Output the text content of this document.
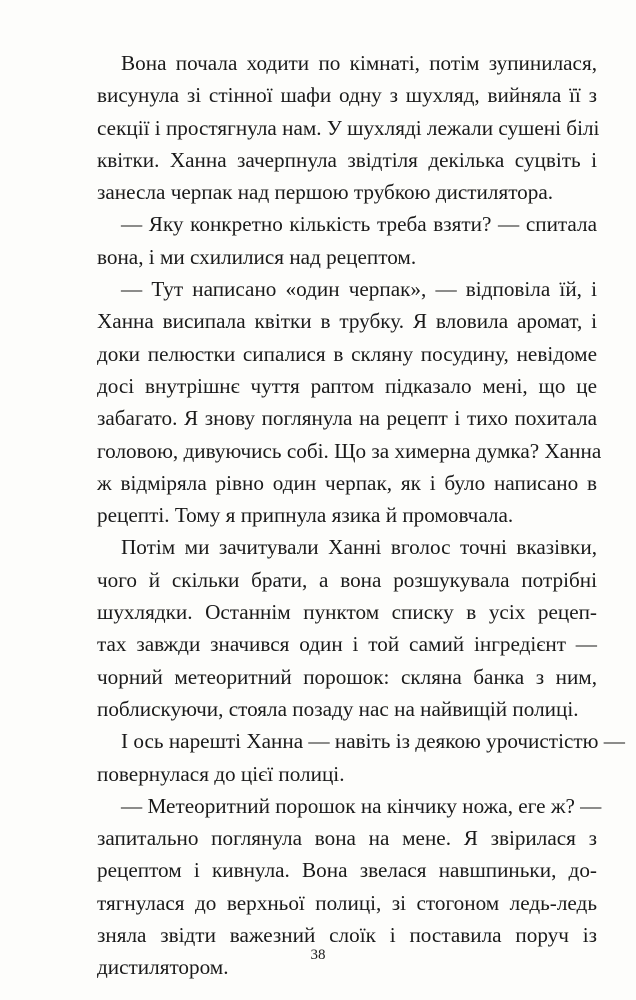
Вона почала ходити по кімнаті, потім зупинилася,
висунула зі стінної шафи одну з шухляд, вийняла її з
секції і простягнула нам. У шухляді лежали сушені білі
квітки. Ханна зачерпнула звідтіля декілька суцвіть і
занесла черпак над першою трубкою дистилятора.
— Яку конкретно кількість треба взяти? — спитала
вона, і ми схилилися над рецептом.
— Тут написано «один черпак», — відповіла їй, і
Ханна висипала квітки в трубку. Я вловила аромат, і
доки пелюстки сипалися в скляну посудину, невідоме
досі внутрішнє чуття раптом підказало мені, що це
забагато. Я знову поглянула на рецепт і тихо похитала
головою, дивуючись собі. Що за химерна думка? Ханна
ж відміряла рівно один черпак, як і було написано в
рецепті. Тому я припнула язика й промовчала.
Потім ми зачитували Ханні вголос точні вказівки,
чого й скільки брати, а вона розшукувала потрібні
шухлядки. Останнім пунктом списку в усіх рецеп-
тах завжди значився один і той самий інгредієнт —
чорний метеоритний порошок: скляна банка з ним,
поблискуючи, стояла позаду нас на найвищій полиці.
І ось нарешті Ханна — навіть із деякою урочистістю —
повернулася до цієї полиці.
— Метеоритний порошок на кінчику ножа, еге ж? —
запитально поглянула вона на мене. Я звірилася з
рецептом і кивнула. Вона звелася навшпиньки, до-
тягнулася до верхньої полиці, зі стогоном ледь-ледь
зняла звідти важезний слоїк і поставила поруч із
дистилятором.
38
